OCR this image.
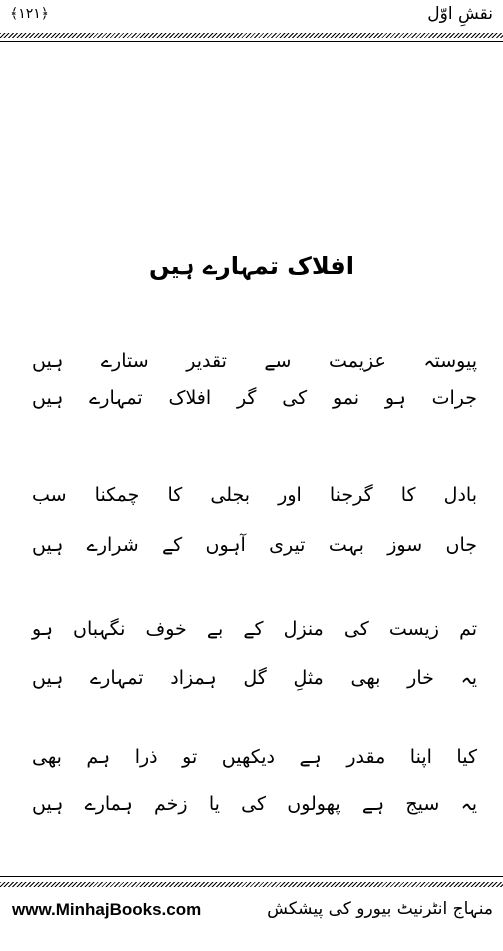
﴾۱۲۱﴿	نقشِ اوّل
افلاک تمہارے ہیں
پیوستہ عزیمت سے تقدیر ستارے ہیں
جرات ہو نمو کی گر افلاک تمہارے ہیں
بادل کا گرجنا اور بجلی کا چمکنا سب
جاں سوز بہت تیری آہوں کے شرارے ہیں
تم زیست کی منزل کے بے خوف نگہباں ہو
یہ خار بھی مثلِ گل ہمزاد تمہارے ہیں
کیا اپنا مقدر ہے دیکھیں تو ذرا ہم بھی
یہ سیج ہے پھولوں کی یا زخم ہمارے ہیں
www.MinhajBooks.com	منہاج انٹرنیٹ بیورو کی پیشکش
